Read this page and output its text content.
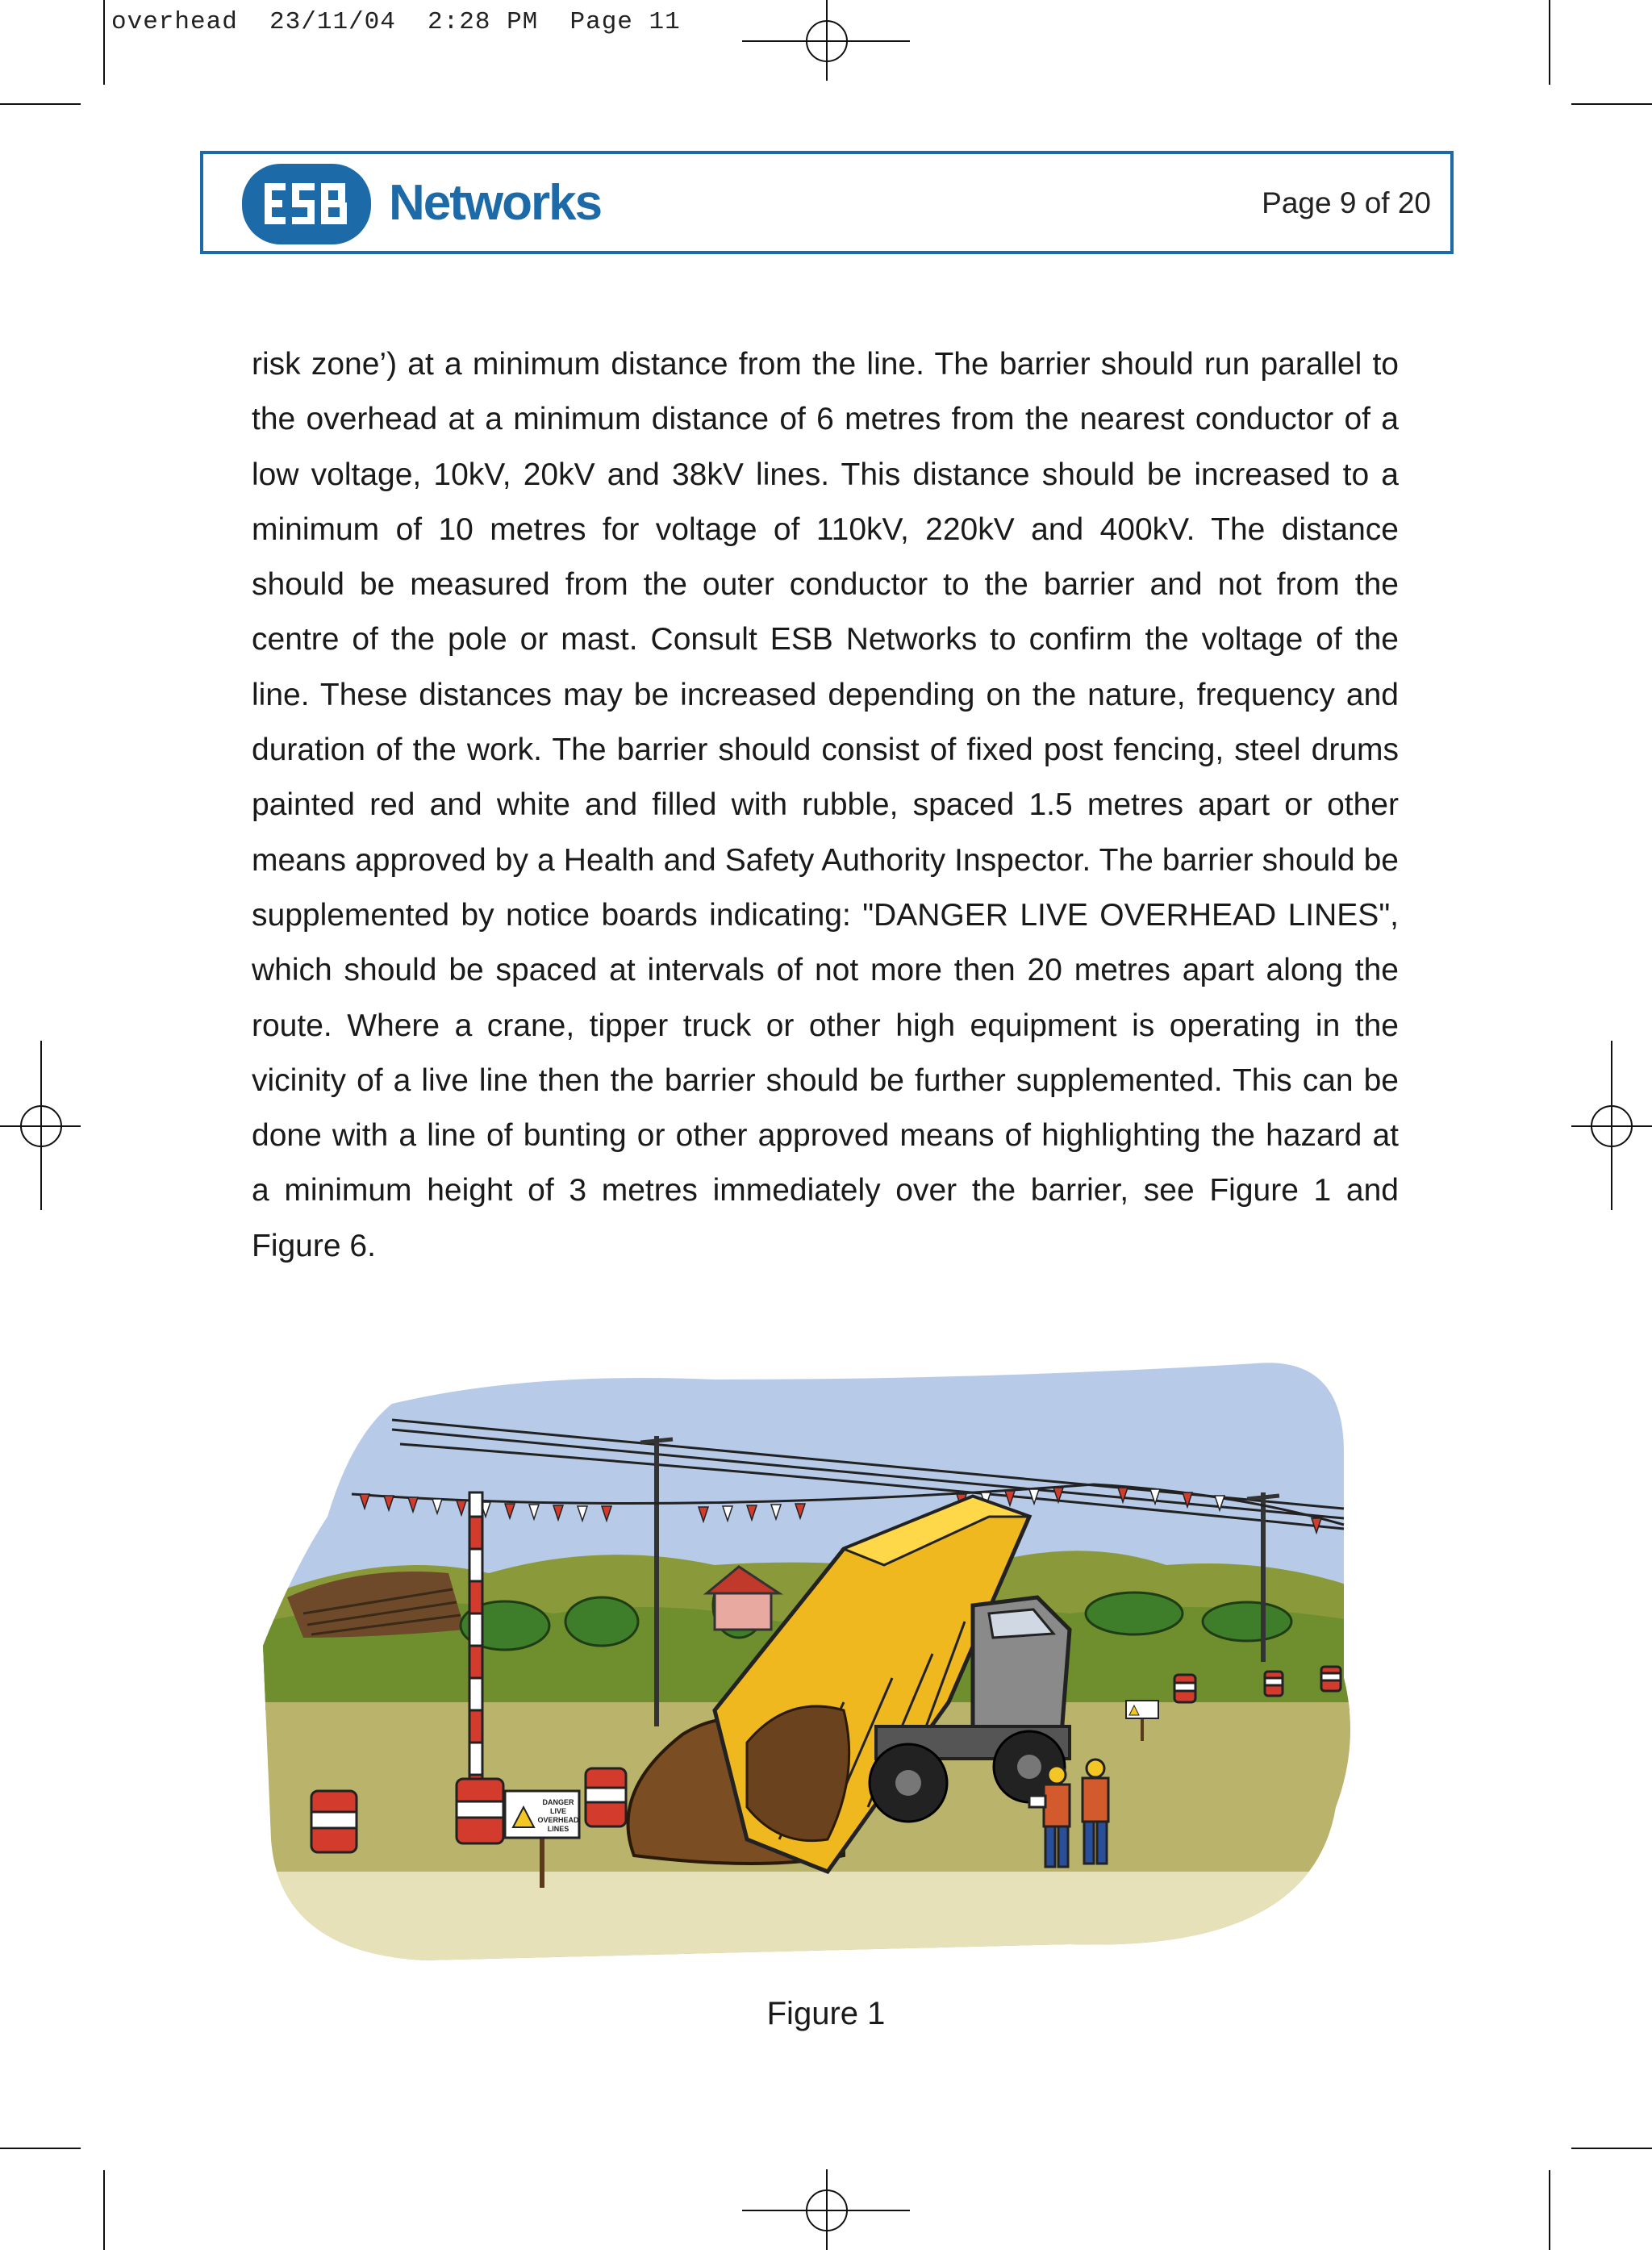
overhead  23/11/04  2:28 PM  Page 11
Networks	Page 9 of 20

risk zone’) at a minimum distance from the line. The barrier should run parallel to the overhead at a minimum distance of 6 metres from the nearest conductor of a low voltage, 10kV, 20kV and 38kV lines. This distance should be increased to a minimum of 10 metres for voltage of 110kV, 220kV and 400kV. The distance should be measured from the outer conductor to the barrier and not from the centre of the pole or mast. Consult ESB Networks to confirm the voltage of the line. These distances may be increased depending on the nature, frequency and duration of the work. The barrier should consist of fixed post fencing, steel drums painted red and white and filled with rubble, spaced 1.5 metres apart or other means approved by a Health and Safety Authority Inspector. The barrier should be supplemented by notice boards indicating: "DANGER LIVE OVERHEAD LINES", which should be spaced at intervals of not more then 20 metres apart along the route. Where a crane, tipper truck or other high equipment is operating in the vicinity of a live line then the barrier should be further supplemented. This can be done with a line of bunting or other approved means of highlighting the hazard at a minimum height of 3 metres immediately over the barrier, see Figure 1 and Figure 6.

DANGER
LIVE
OVERHEAD
LINES
Figure 1
